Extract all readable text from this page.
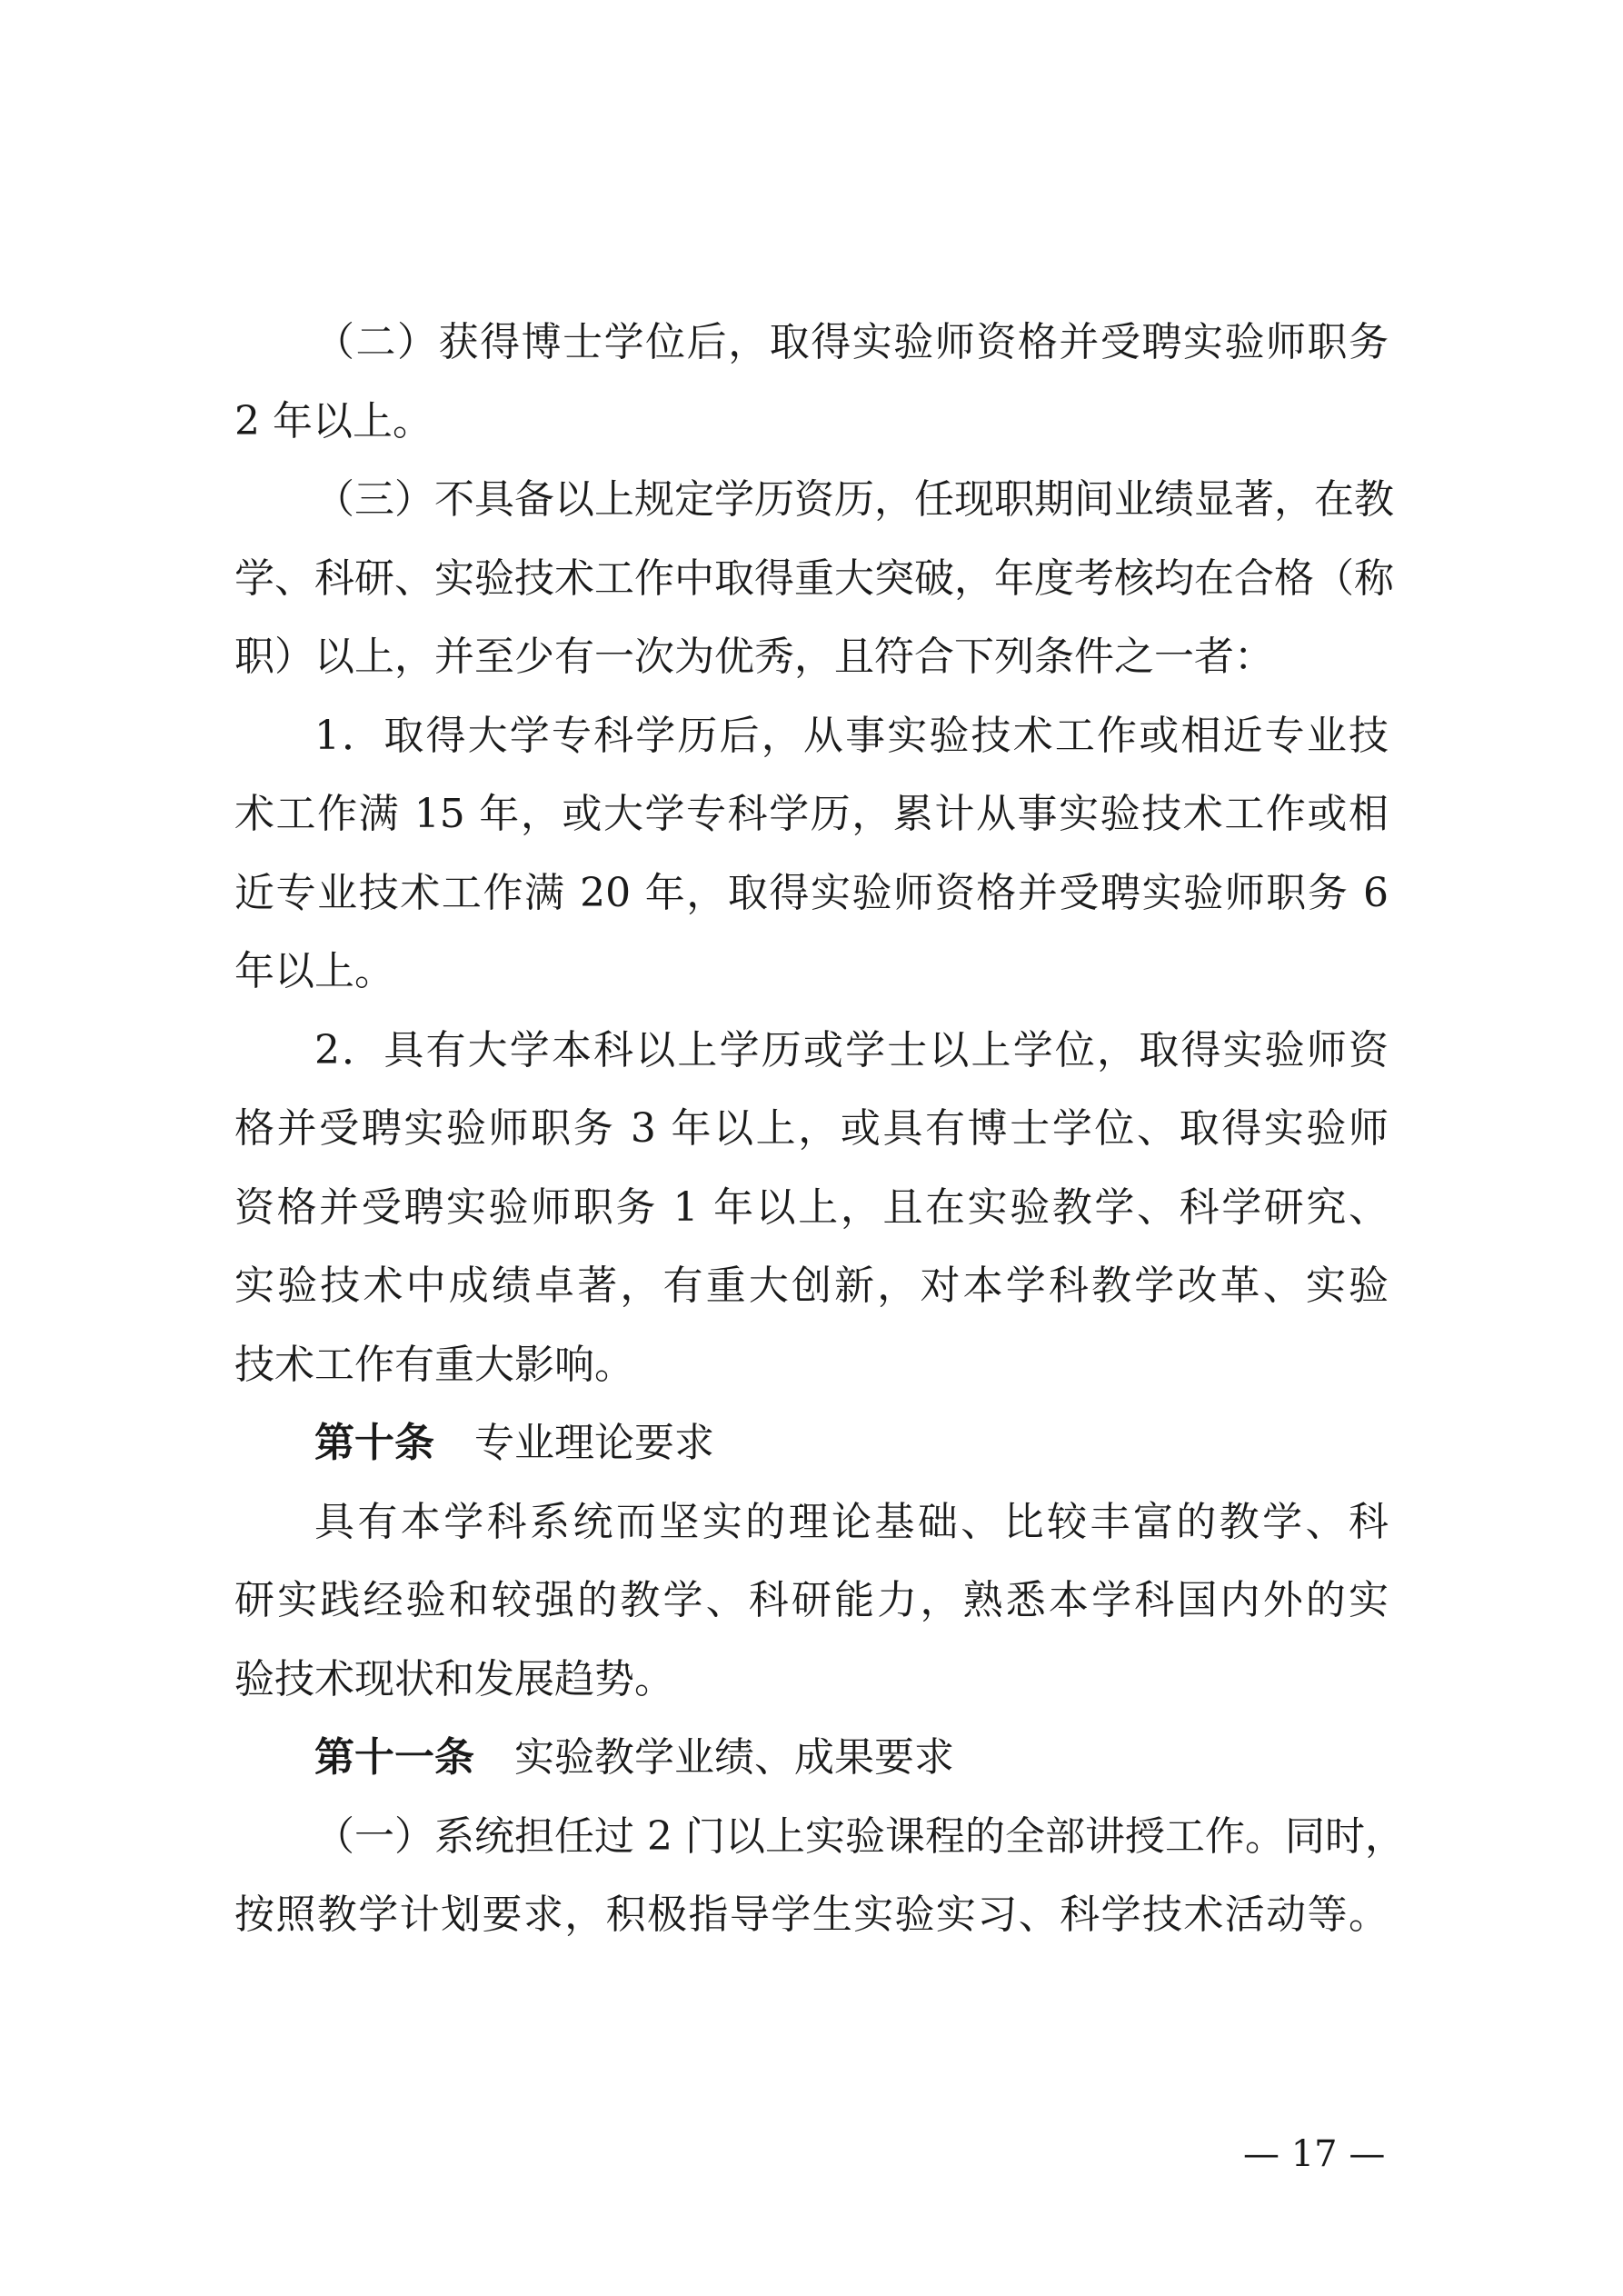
（二）获得博士学位后，取得实验师资格并受聘实验师职务
2 年以上。
（三）不具备以上规定学历资历，任现职期间业绩显著，在教
学、科研、实验技术工作中取得重大突破，年度考核均在合格（称
职）以上，并至少有一次为优秀，且符合下列条件之一者：
1．取得大学专科学历后，从事实验技术工作或相近专业技
术工作满 15 年，或大学专科学历，累计从事实验技术工作或相
近专业技术工作满 20 年，取得实验师资格并受聘实验师职务 6
年以上。
2．具有大学本科以上学历或学士以上学位，取得实验师资
格并受聘实验师职务 3 年以上，或具有博士学位、取得实验师
资格并受聘实验师职务 1 年以上，且在实验教学、科学研究、
实验技术中成绩卓著，有重大创新，对本学科教学改革、实验
技术工作有重大影响。
第十条 专业理论要求
具有本学科系统而坚实的理论基础、比较丰富的教学、科
研实践经验和较强的教学、科研能力，熟悉本学科国内外的实
验技术现状和发展趋势。
第十一条 实验教学业绩、成果要求
（一）系统担任过 2 门以上实验课程的全部讲授工作。同时，
按照教学计划要求，积极指导学生实验实习、科学技术活动等。
— 17 —
